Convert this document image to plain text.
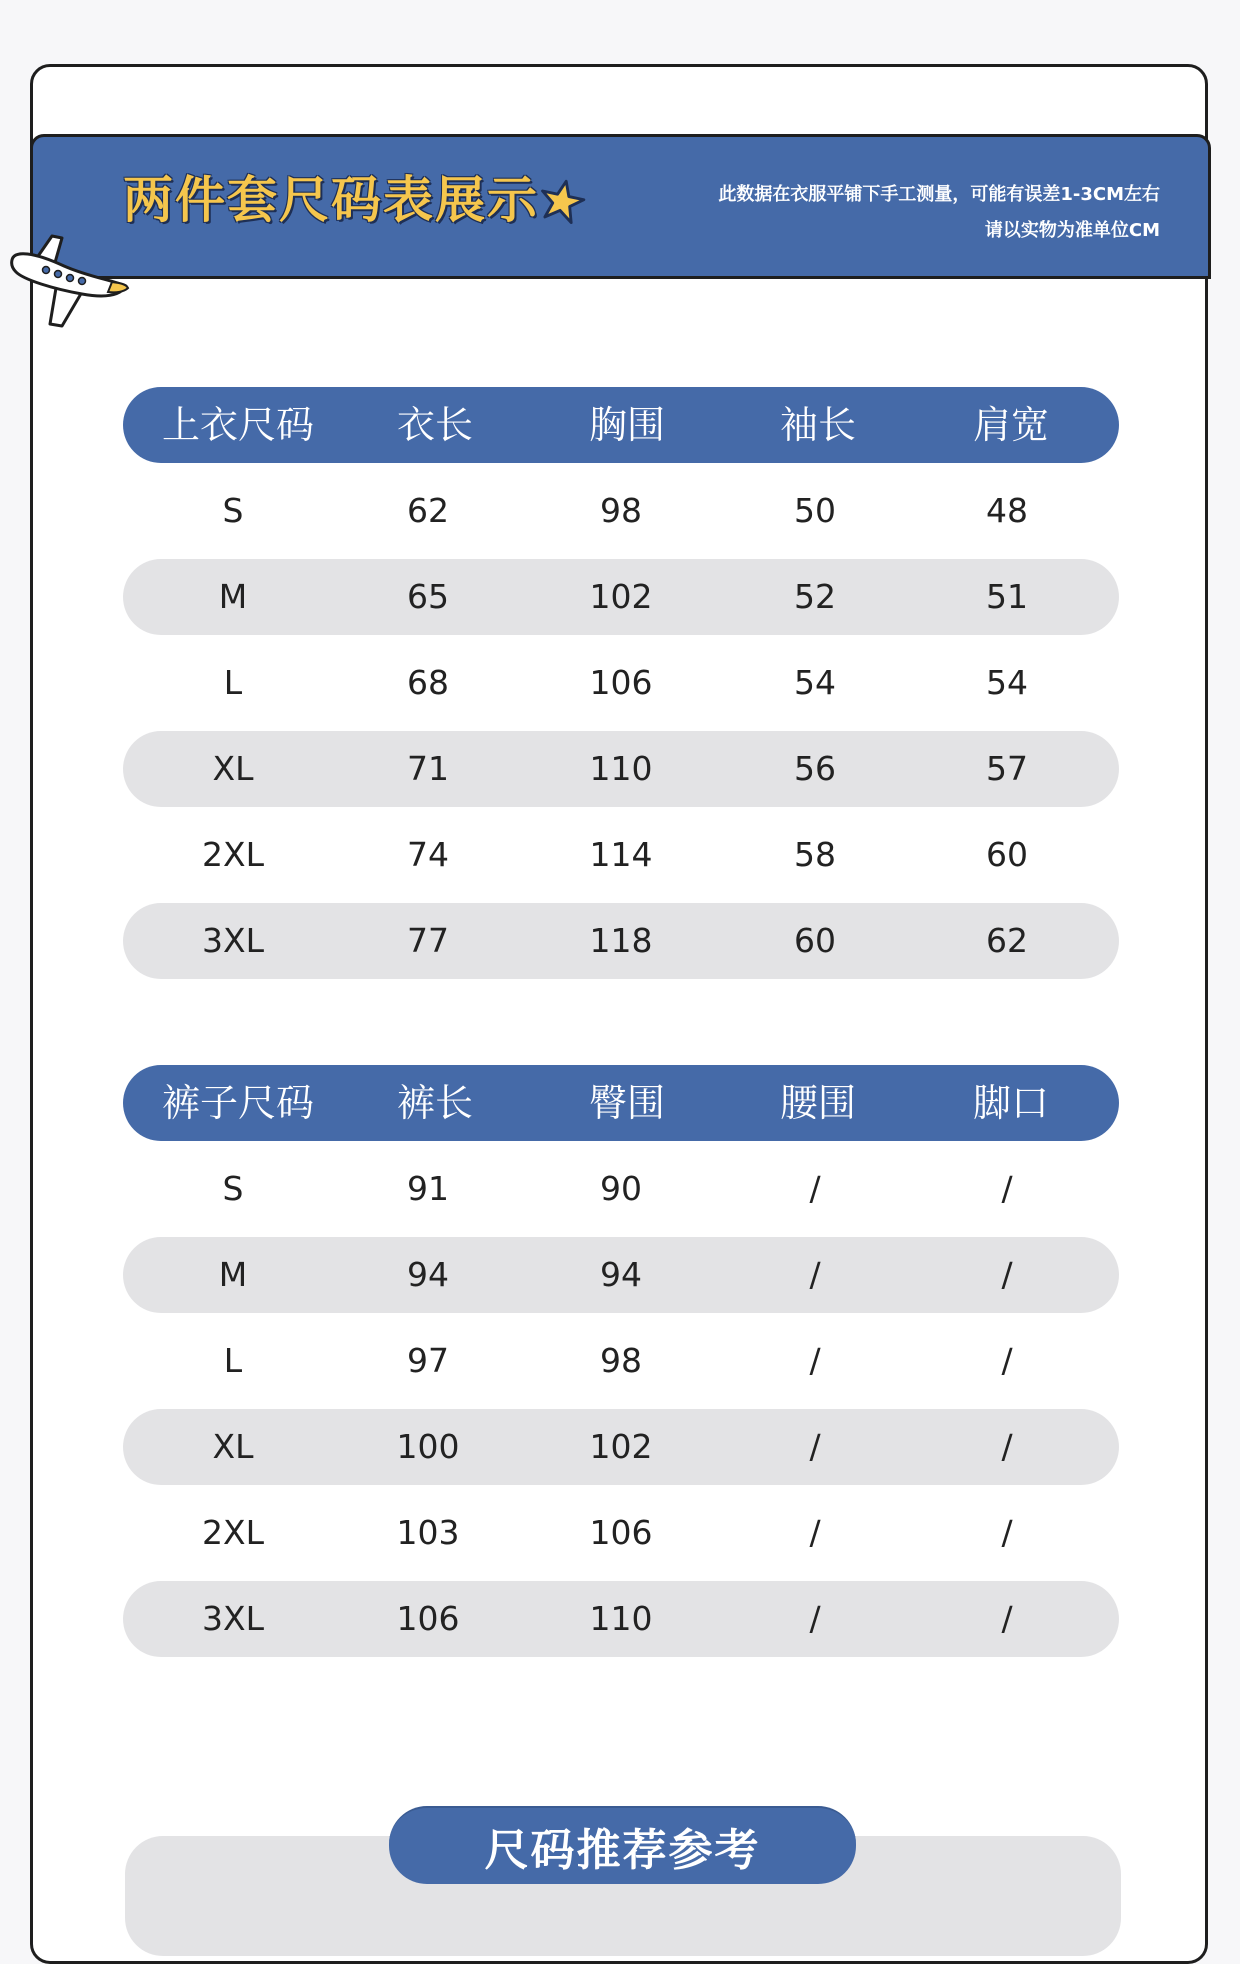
两件套尺码表展示	此数据在衣服平铺下手工测量，可能有误差1-3CM左右
请以实物为准单位CM
上衣尺码 衣长	胸围	袖长	肩宽
S	62	98	50	48
M	65	102	52	51
L	68	106	54	54
XL	71	110	56	57
2XL	74	114	58	60
3XL	77	118	60	62
裤子尺码 裤长	臀围	腰围	脚口
S	91	90	/	/
M	94	94	/	/
L	97	98	/	/
XL	100	102	/	/
2XL	103	106	/	/
3XL	106	110	/	/
尺码推荐参考
